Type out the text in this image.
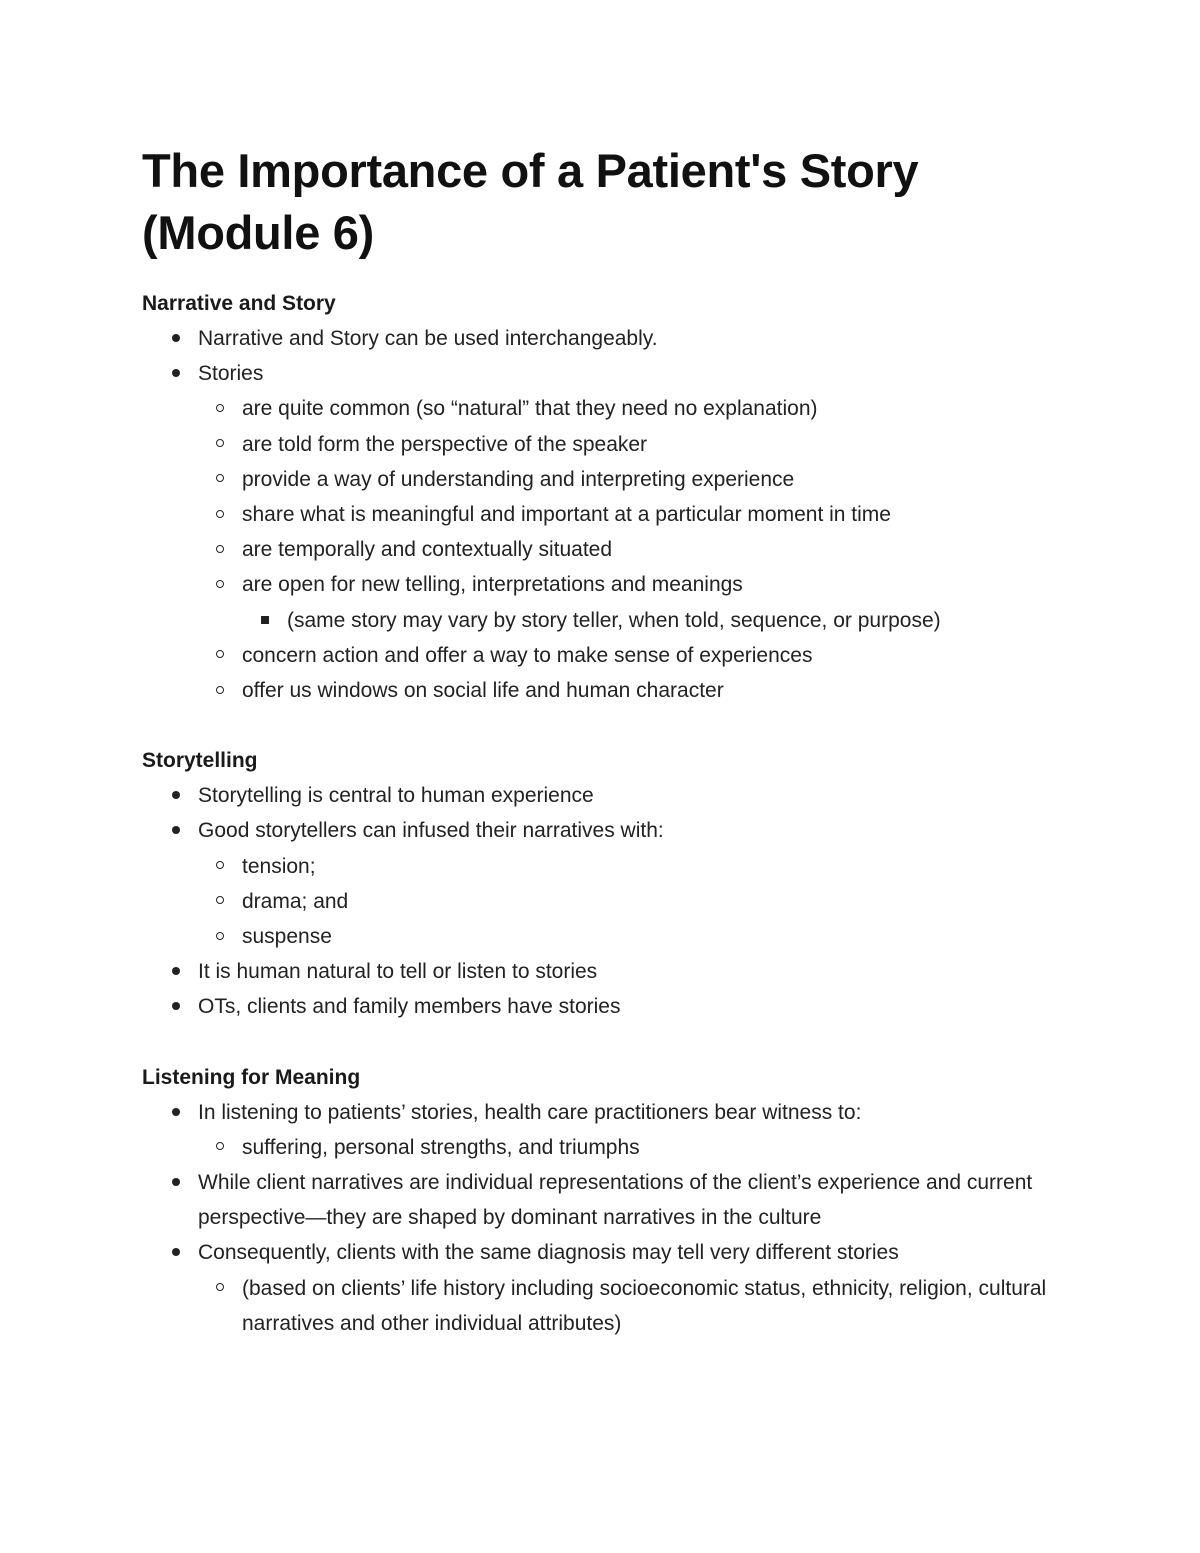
The Importance of a Patient's Story (Module 6)
Narrative and Story
Narrative and Story can be used interchangeably.
Stories
are quite common (so “natural” that they need no explanation)
are told form the perspective of the speaker
provide a way of understanding and interpreting experience
share what is meaningful and important at a particular moment in time
are temporally and contextually situated
are open for new telling, interpretations and meanings
(same story may vary by story teller, when told, sequence, or purpose)
concern action and offer a way to make sense of experiences
offer us windows on social life and human character
Storytelling
Storytelling is central to human experience
Good storytellers can infused their narratives with:
tension;
drama; and
suspense
It is human natural to tell or listen to stories
OTs, clients and family members have stories
Listening for Meaning
In listening to patients’ stories, health care practitioners bear witness to:
suffering, personal strengths, and triumphs
While client narratives are individual representations of the client’s experience and current perspective—they are shaped by dominant narratives in the culture
Consequently, clients with the same diagnosis may tell very different stories
(based on clients’ life history including socioeconomic status, ethnicity, religion, cultural narratives and other individual attributes)
